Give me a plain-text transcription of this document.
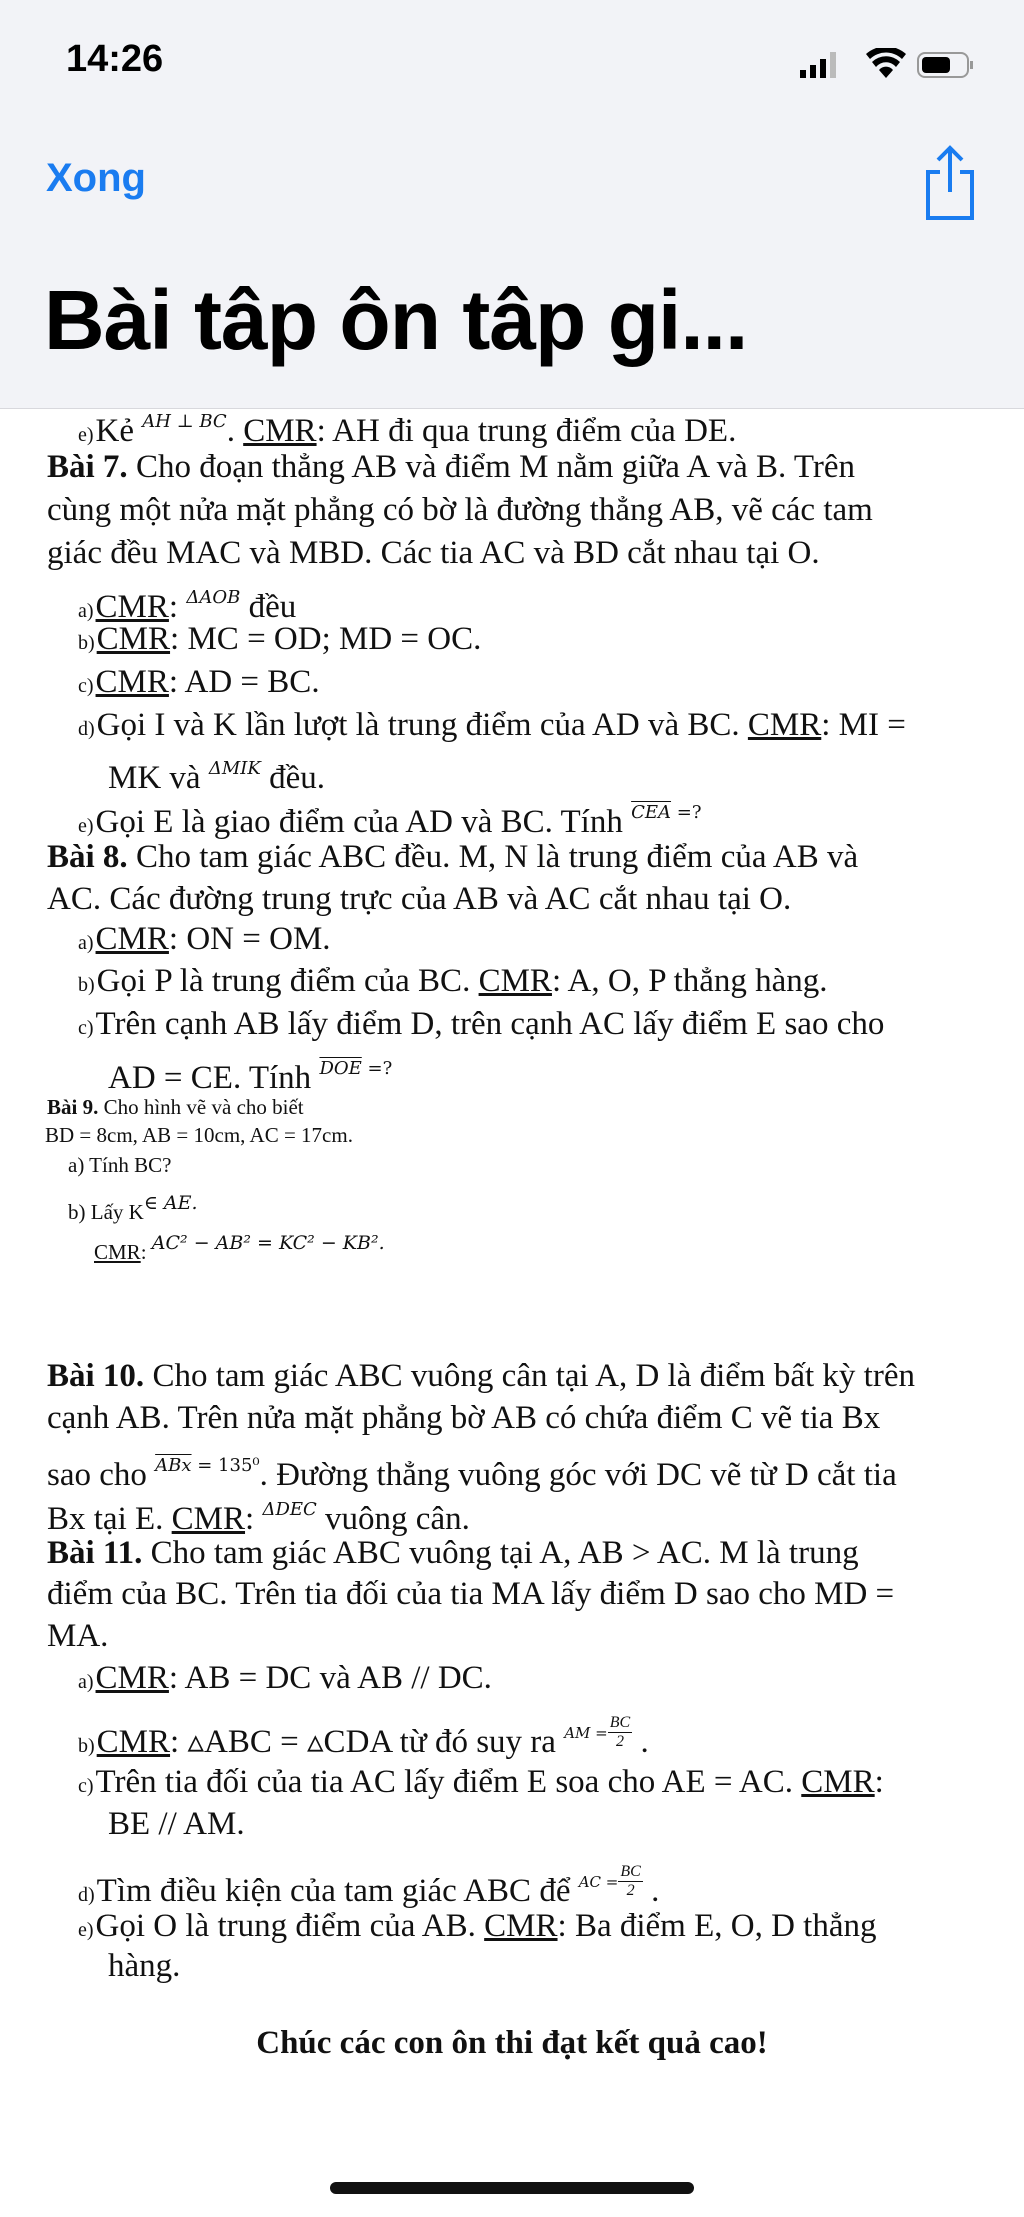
14:26
Xong
Bài tâp ôn tâp gi...
e)Kẻ $^{AH \perp BC}$. CMR: AH đi qua trung điểm của DE.
Bài 7. Cho đoạn thẳng AB và điểm M nằm giữa A và B. Trên
cùng một nửa mặt phẳng có bờ là đường thẳng AB, vẽ các tam
giác đều MAC và MBD. Các tia AC và BD cắt nhau tại O.
a)CMR: $^{\Delta AOB}$ đều
b)CMR: MC = OD; MD = OC.
c)CMR: AD = BC.
d)Gọi I và K lần lượt là trung điểm của AD và BC. CMR: MI =
MK và $^{\Delta MIK}$ đều.
e)Gọi E là giao điểm của AD và BC. Tính $^{\overline{CEA}}$ =?
Bài 8. Cho tam giác ABC đều. M, N là trung điểm của AB và
AC. Các đường trung trực của AB và AC cắt nhau tại O.
a)CMR: ON = OM.
b)Gọi P là trung điểm của BC. CMR: A, O, P thẳng hàng.
c)Trên cạnh AB lấy điểm D, trên cạnh AC lấy điểm E sao cho
AD = CE. Tính $^{\overline{DOE}}$ =?
Bài 9. Cho hình vẽ và cho biết
BD = 8cm, AB = 10cm, AC = 17cm.
a) Tính BC?
b) Lấy K∈ AE.
CMR: AC² − AB² = KC² − KB².
Bài 10. Cho tam giác ABC vuông cân tại A, D là điểm bất kỳ trên
cạnh AB. Trên nửa mặt phẳng bờ AB có chứa điểm C vẽ tia Bx
sao cho $^{\overline{ABx}}$ $^{= 135^0}$. Đường thẳng vuông góc với DC vẽ từ D cắt tia
Bx tại E. CMR: $^{\Delta DEC}$ vuông cân.
Bài 11. Cho tam giác ABC vuông tại A, AB > AC. M là trung
điểm của BC. Trên tia đối của tia MA lấy điểm D sao cho MD =
MA.
a)CMR: AB = DC và AB // DC.
b)CMR: ▵ABC = ▵CDA từ đó suy ra $^{AM =} \frac{BC}{2}$ .
c)Trên tia đối của tia AC lấy điểm E soa cho AE = AC. CMR:
BE // AM.
d)Tìm điều kiện của tam giác ABC để $^{AC =} \frac{BC}{2}$ .
e)Gọi O là trung điểm của AB. CMR: Ba điểm E, O, D thẳng
hàng.
Chúc các con ôn thi đạt kết quả cao!
